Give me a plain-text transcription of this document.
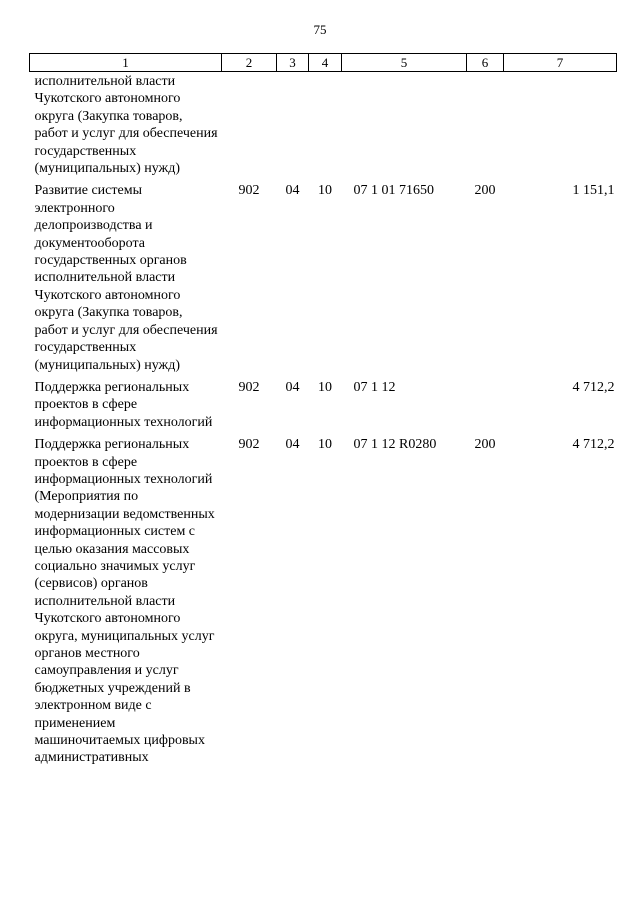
75
1	2	3	4	5	6	7
исполнительной власти Чукотского автономного округа (Закупка товаров, работ и услуг для обеспечения государственных (муниципальных) нужд)						
Развитие системы электронного делопроизводства и документооборота государственных органов исполнительной власти Чукотского автономного округа (Закупка товаров, работ и услуг для обеспечения государственных (муниципальных) нужд)	902	04	10	07 1 01 71650	200	1 151,1
Поддержка региональных проектов в сфере информационных технологий	902	04	10	07 1 12		4 712,2
Поддержка региональных проектов в сфере информационных технологий (Мероприятия по модернизации ведомственных информационных систем с целью оказания массовых социально значимых услуг (сервисов) органов исполнительной власти Чукотского автономного округа, муниципальных услуг органов местного самоуправления и услуг бюджетных учреждений в электронном виде с применением машиночитаемых цифровых административных	902	04	10	07 1 12 R0280	200	4 712,2
